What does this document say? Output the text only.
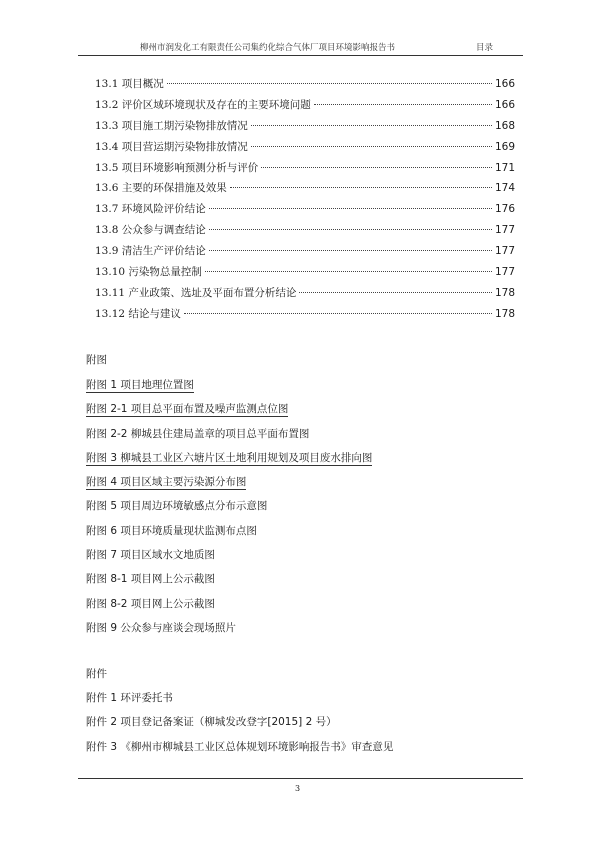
柳州市润发化工有限责任公司集约化综合气体厂项目环境影响报告书	目录
13.1 项目概况	166
13.2 评价区域环境现状及存在的主要环境问题	166
13.3 项目施工期污染物排放情况	168
13.4 项目营运期污染物排放情况	169
13.5 项目环境影响预测分析与评价	171
13.6 主要的环保措施及效果	174
13.7 环境风险评价结论	176
13.8 公众参与调查结论	177
13.9 清洁生产评价结论	177
13.10 污染物总量控制	177
13.11 产业政策、选址及平面布置分析结论	178
13.12 结论与建议	178
附图
附图 1 项目地理位置图
附图 2-1 项目总平面布置及噪声监测点位图
附图 2-2 柳城县住建局盖章的项目总平面布置图
附图 3 柳城县工业区六塘片区土地利用规划及项目废水排向图
附图 4 项目区域主要污染源分布图
附图 5 项目周边环境敏感点分布示意图
附图 6 项目环境质量现状监测布点图
附图 7 项目区域水文地质图
附图 8-1 项目网上公示截图
附图 8-2 项目网上公示截图
附图 9 公众参与座谈会现场照片
附件
附件 1 环评委托书
附件 2 项目登记备案证（柳城发改登字[2015] 2 号）
附件 3 《柳州市柳城县工业区总体规划环境影响报告书》审查意见
3
